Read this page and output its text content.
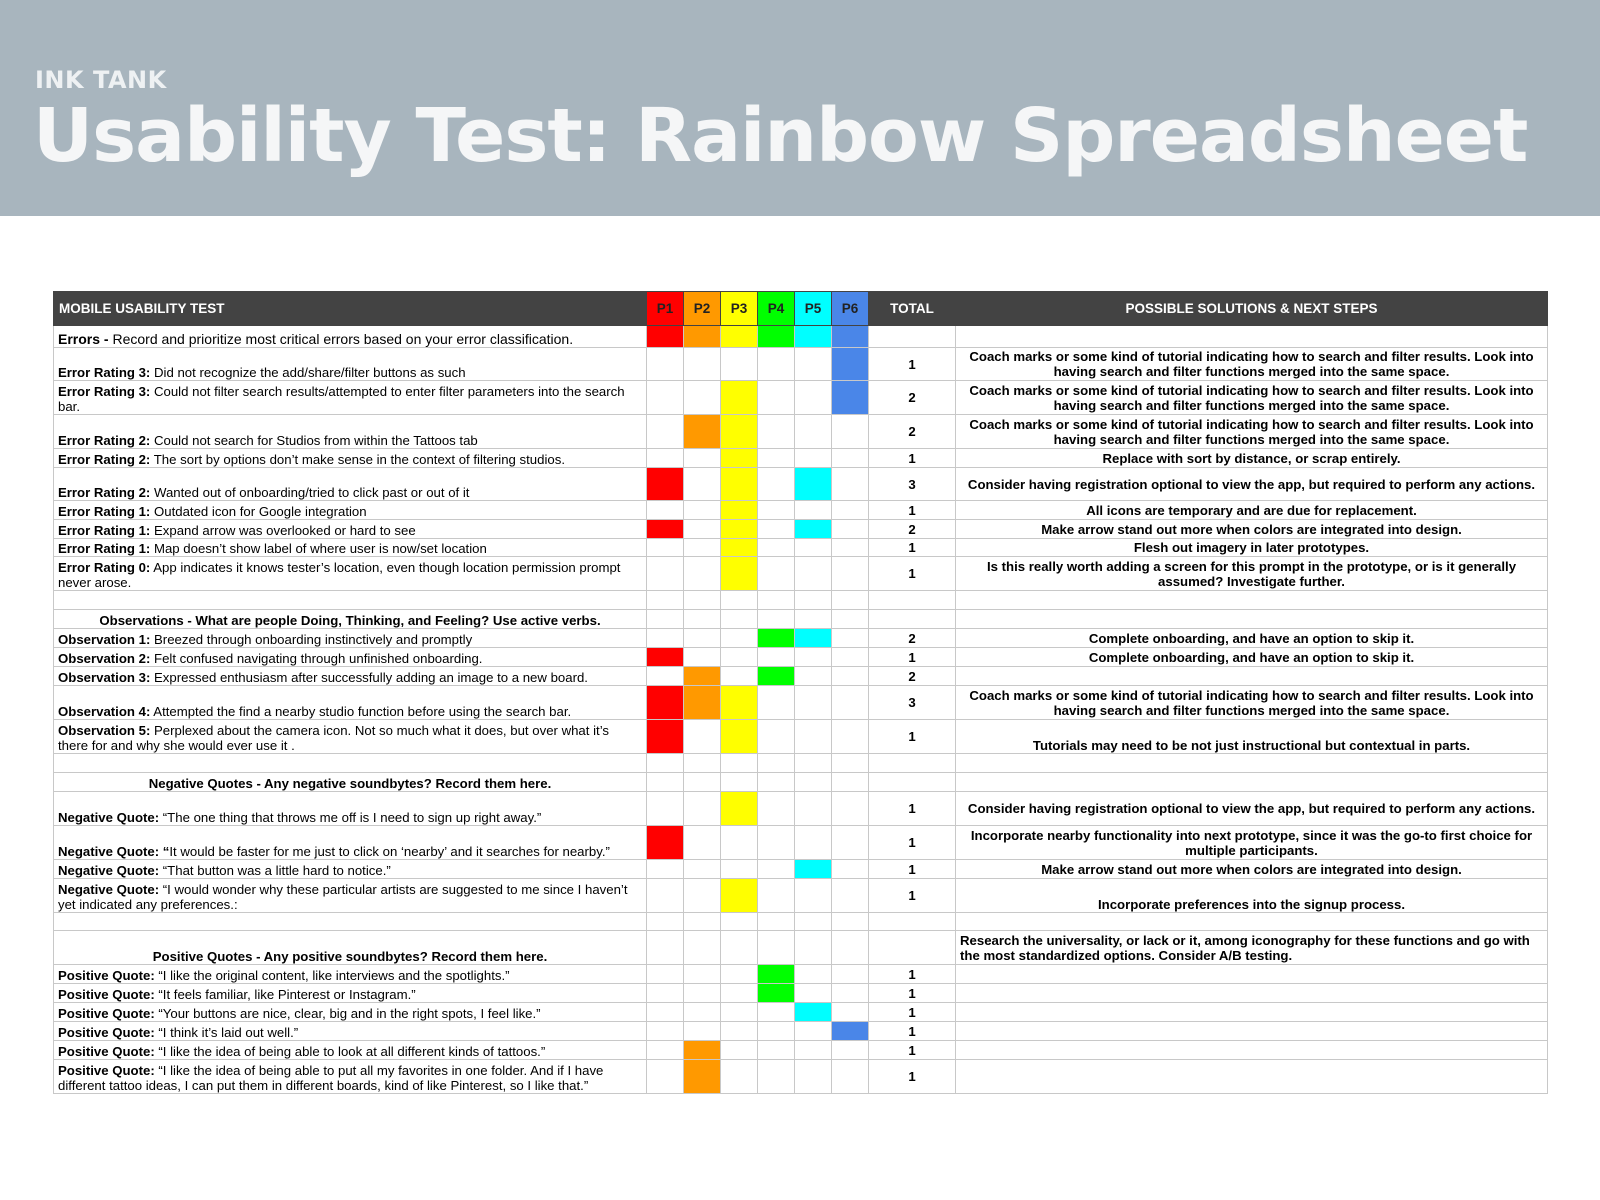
INK TANK
Usability Test: Rainbow Spreadsheet
MOBILE USABILITY TEST	P1	P2	P3	P4	P5	P6	TOTAL	POSSIBLE SOLUTIONS & NEXT STEPS
Errors - Record and prioritize most critical errors based on your error classification.								
Error Rating 3: Did not recognize the add/share/filter buttons as such							1	Coach marks or some kind of tutorial indicating how to search and filter results. Look into having search and filter functions merged into the same space.
Error Rating 3: Could not filter search results/attempted to enter filter parameters into the search bar.							2	Coach marks or some kind of tutorial indicating how to search and filter results. Look into having search and filter functions merged into the same space.
Error Rating 2: Could not search for Studios from within the Tattoos tab							2	Coach marks or some kind of tutorial indicating how to search and filter results. Look into having search and filter functions merged into the same space.
Error Rating 2: The sort by options don’t make sense in the context of filtering studios.							1	Replace with sort by distance, or scrap entirely.
Error Rating 2: Wanted out of onboarding/tried to click past or out of it							3	Consider having registration optional to view the app, but required to perform any actions.
Error Rating 1: Outdated icon for Google integration							1	All icons are temporary and are due for replacement.
Error Rating 1: Expand arrow was overlooked or hard to see							2	Make arrow stand out more when colors are integrated into design.
Error Rating 1: Map doesn’t show label of where user is now/set location							1	Flesh out imagery in later prototypes.
Error Rating 0: App indicates it knows tester’s location, even though location permission prompt never arose.							1	Is this really worth adding a screen for this prompt in the prototype, or is it generally assumed? Investigate further.

Observations - What are people Doing, Thinking, and Feeling? Use active verbs.								
Observation 1: Breezed through onboarding instinctively and promptly							2	Complete onboarding, and have an option to skip it.
Observation 2: Felt confused navigating through unfinished onboarding.							1	Complete onboarding, and have an option to skip it.
Observation 3: Expressed enthusiasm after successfully adding an image to a new board.							2	
Observation 4: Attempted the find a nearby studio function before using the search bar.							3	Coach marks or some kind of tutorial indicating how to search and filter results. Look into having search and filter functions merged into the same space.
Observation 5: Perplexed about the camera icon. Not so much what it does, but over what it’s there for and why she would ever use it .							1	Tutorials may need to be not just instructional but contextual in parts.

Negative Quotes - Any negative soundbytes? Record them here.								
Negative Quote: “The one thing that throws me off is I need to sign up right away.”							1	Consider having registration optional to view the app, but required to perform any actions.
Negative Quote: “It would be faster for me just to click on ‘nearby’ and it searches for nearby.”							1	Incorporate nearby functionality into next prototype, since it was the go-to first choice for multiple participants.
Negative Quote: “That button was a little hard to notice.”							1	Make arrow stand out more when colors are integrated into design.
Negative Quote: “I would wonder why these particular artists are suggested to me since I haven’t yet indicated any preferences.:							1	Incorporate preferences into the signup process.

Positive Quotes - Any positive soundbytes? Record them here.								Research the universality, or lack or it, among iconography for these functions and go with the most standardized options. Consider A/B testing.
Positive Quote: “I like the original content, like interviews and the spotlights.”							1	
Positive Quote: “It feels familiar, like Pinterest or Instagram.”							1	
Positive Quote: “Your buttons are nice, clear, big and in the right spots, I feel like.”							1	
Positive Quote: “I think it’s laid out well.”							1	
Positive Quote: “I like the idea of being able to look at all different kinds of tattoos.”							1	
Positive Quote: “I like the idea of being able to put all my favorites in one folder. And if I have different tattoo ideas, I can put them in different boards, kind of like Pinterest, so I like that.”							1	
